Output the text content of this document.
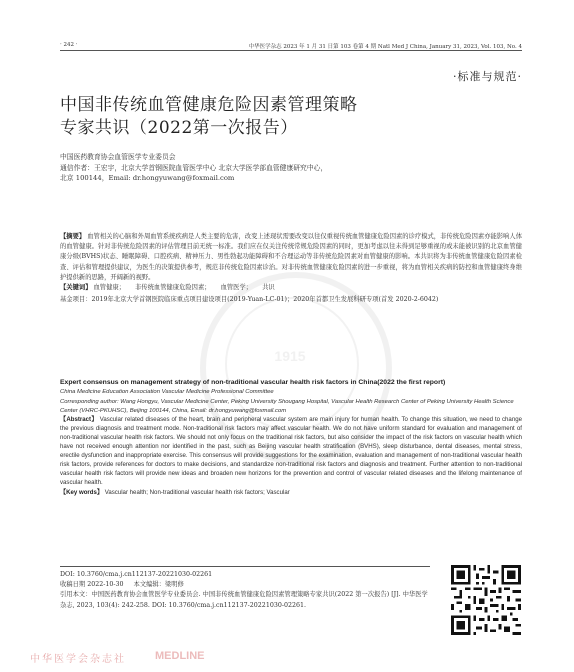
· 242 ·	中华医学杂志 2023 年 1 月 31 日第 103 卷第 4 期 Natl Med J China, January 31, 2023, Vol. 103, No. 4
·标准与规范·
中国非传统血管健康危险因素管理策略
专家共识（2022第一次报告）
中国医药教育协会血管医学专业委员会
通信作者：王宏宇，北京大学首钢医院血管医学中心 北京大学医学部血管健康研究中心，
北京 100144，Email: dr.hongyuwang@foxmail.com
1915
【摘要】 血管相关的心脑和外周血管系统疾病是人类主要的危害，改变上述现状需要改变以往仅重视传统血管健康危险因素的诊疗模式，非传统危险因素亦能影响人体的血管健康。针对非传统危险因素的评估管理目前无统一标准。我们应在仅关注传统常规危险因素的同时，更加考虑以往未得到足够重视的或未能被识别的北京血管健康分级(BVHS)状态、睡眠障碍、口腔疾病、精神压力、男性勃起功能障碍和不合理运动等非传统危险因素对血管健康的影响。本共识将为非传统血管健康危险因素检查、评估和管理提供建议，为医生的决策提供参考，规范非传统危险因素诊治。对非传统血管健康危险因素的进一步重视，将为血管相关疾病的防控和血管健康终身维护提供新的思路，开阔新的视野。
【关键词】 血管健康； 非传统血管健康危险因素； 血管医学； 共识
基金项目：2019年北京大学首钢医院临床重点项目建设项目(2019-Yuan-LC-01)；2020年首都卫生发展科研专项(首发 2020-2-6042)
Expert consensus on management strategy of non-traditional vascular health risk factors in China(2022 the first report)
China Medicine Education Association Vascular Medicine Professional Committee
Corresponding author: Wang Hongyu, Vascular Medicine Center, Peking University Shougang Hospital, Vascular Health Research Center of Peking University Health Science Center (VHRC-PKUHSC), Beijing 100144, China, Email: dr.hongyuwang@foxmail.com
【Abstract】 Vascular related diseases of the heart, brain and peripheral vascular system are main injury for human health. To change this situation, we need to change the previous diagnosis and treatment mode. Non-traditional risk factors may affect vascular health. We do not have uniform standard for evaluation and management of non-traditional vascular health risk factors. We should not only focus on the traditional risk factors, but also consider the impact of the risk factors on vascular health which have not received enough attention nor identified in the past, such as Beijing vascular health stratification (BVHS), sleep disturbance, dental diseases, mental stress, erectile dysfunction and inappropriate exercise. This consensus will provide suggestions for the examination, evaluation and management of non-traditional vascular health risk factors, provide references for doctors to make decisions, and standardize non-traditional risk factors and diagnosis and treatment. Further attention to non-traditional vascular health risk factors will provide new ideas and broaden new horizons for the prevention and control of vascular related diseases and the lifelong maintenance of vascular health.
【Key words】 Vascular health; Non-traditional vascular health risk factors; Vascular
DOI: 10.3760/cma.j.cn112137-20221030-02261
收稿日期 2022-10-30 本文编辑：梁明修
引用本文：中国医药教育协会血管医学专业委员会. 中国非传统血管健康危险因素管理策略专家共识(2022 第一次报告) [J]. 中华医学杂志, 2023, 103(4): 242-258. DOI: 10.3760/cma.j.cn112137-20221030-02261.
中华医学会杂志社	MEDLINE
